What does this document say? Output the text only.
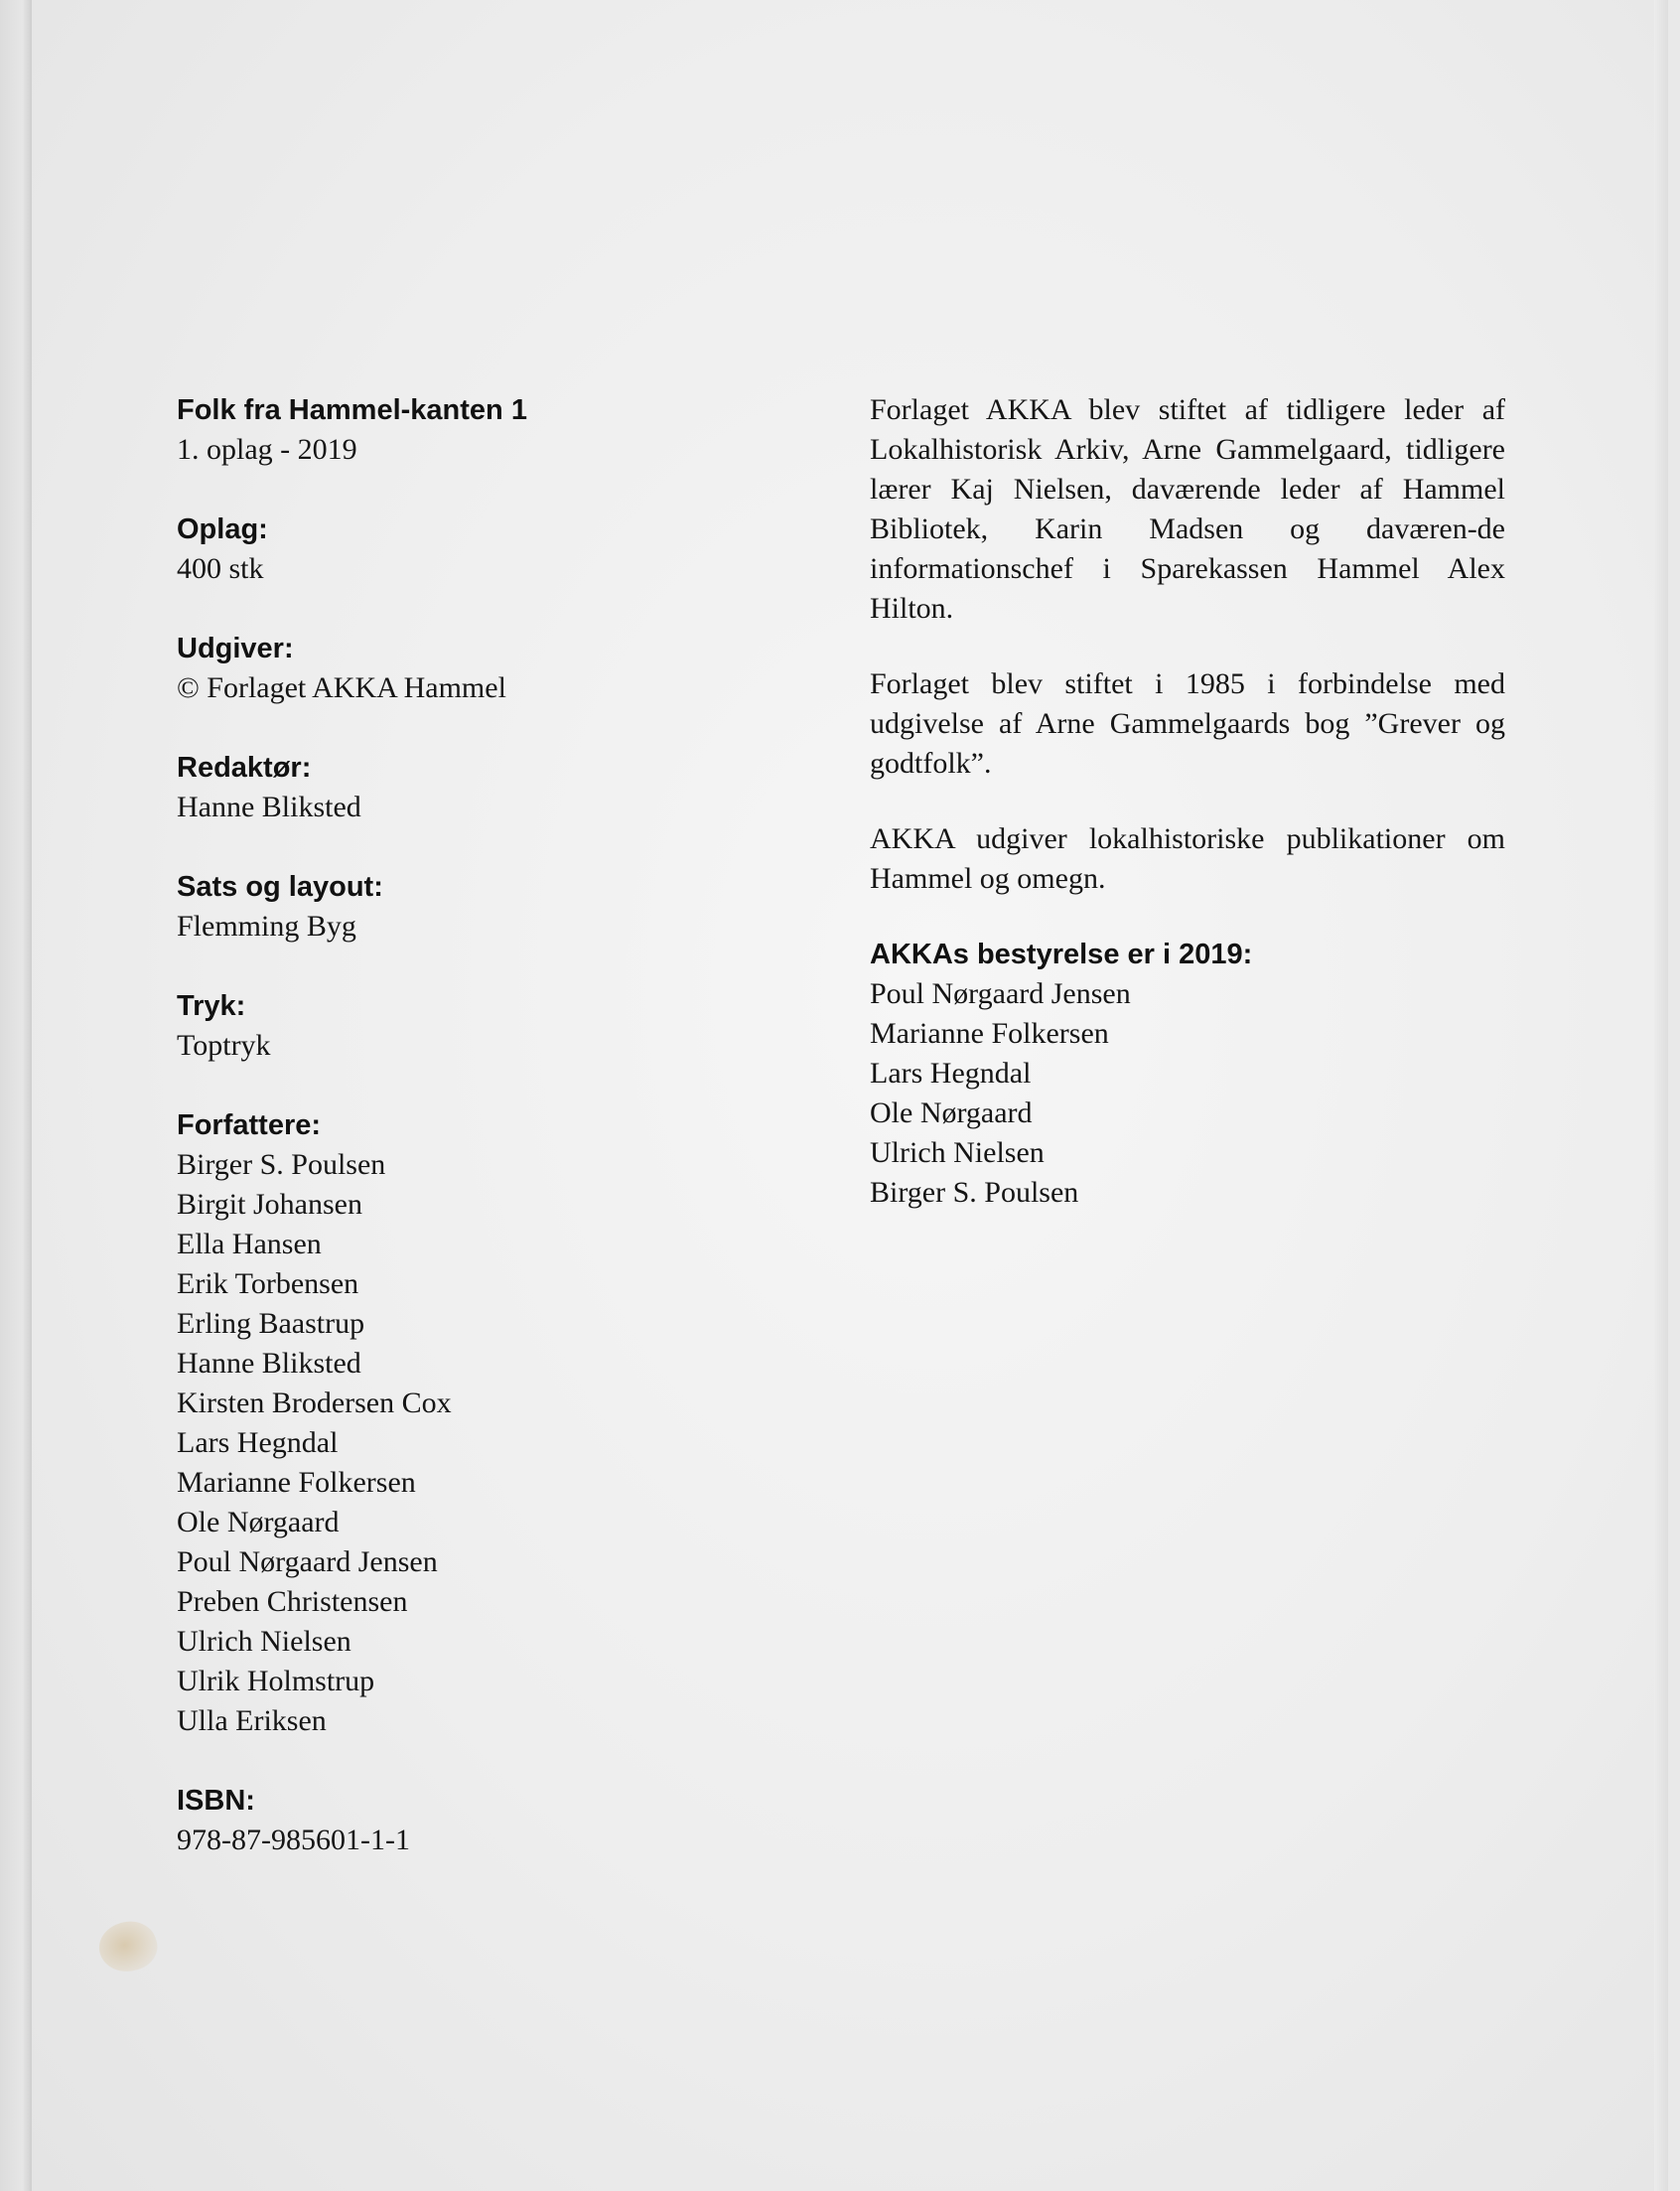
Folk fra Hammel-kanten 1

1. oplag - 2019

Oplag:

400 stk

Udgiver:

© Forlaget AKKA Hammel

Redaktør:

Hanne Bliksted

Sats og layout:

Flemming Byg

Tryk:

Toptryk

Forfattere:

Birger S. Poulsen
Birgit Johansen
Ella Hansen
Erik Torbensen
Erling Baastrup
Hanne Bliksted
Kirsten Brodersen Cox
Lars Hegndal
Marianne Folkersen
Ole Nørgaard
Poul Nørgaard Jensen
Preben Christensen
Ulrich Nielsen
Ulrik Holmstrup
Ulla Eriksen

ISBN:

978-87-985601-1-1

Forlaget AKKA blev stiftet af tidligere leder af Lokalhistorisk Arkiv, Arne Gammelgaard, tidligere lærer Kaj Nielsen, daværende leder af Hammel Bibliotek, Karin Madsen og daværen-de informationschef i Sparekassen Hammel Alex Hilton.

Forlaget blev stiftet i 1985 i forbindelse med udgivelse af Arne Gammelgaards bog ”Grever og godtfolk”.

AKKA udgiver lokalhistoriske publikationer om Hammel og omegn.

AKKAs bestyrelse er i 2019:

Poul Nørgaard Jensen
Marianne Folkersen
Lars Hegndal
Ole Nørgaard
Ulrich Nielsen
Birger S. Poulsen
